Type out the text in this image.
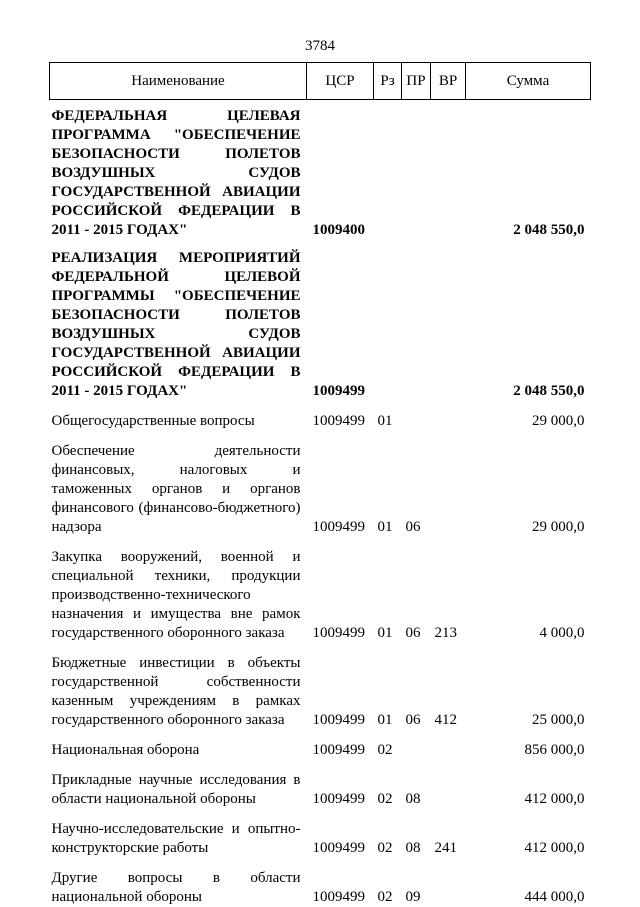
3784
Наименование	ЦСР	Рз	ПР	ВР	Сумма

ФЕДЕРАЛЬНАЯ ЦЕЛЕВАЯ ПРОГРАММА "ОБЕСПЕЧЕНИЕ БЕЗОПАСНОСТИ ПОЛЕТОВ ВОЗДУШНЫХ СУДОВ ГОСУДАРСТВЕННОЙ АВИАЦИИ РОССИЙСКОЙ ФЕДЕРАЦИИ В 2011 - 2015 ГОДАХ"	1009400				2 048 550,0

РЕАЛИЗАЦИЯ МЕРОПРИЯТИЙ ФЕДЕРАЛЬНОЙ ЦЕЛЕВОЙ ПРОГРАММЫ "ОБЕСПЕЧЕНИЕ БЕЗОПАСНОСТИ ПОЛЕТОВ ВОЗДУШНЫХ СУДОВ ГОСУДАРСТВЕННОЙ АВИАЦИИ РОССИЙСКОЙ ФЕДЕРАЦИИ В 2011 - 2015 ГОДАХ"	1009499				2 048 550,0

Общегосударственные вопросы	1009499	01			29 000,0

Обеспечение деятельности финансовых, налоговых и таможенных органов и органов финансового (финансово-бюджетного) надзора	1009499	01	06		29 000,0

Закупка вооружений, военной и специальной техники, продукции производственно-технического назначения и имущества вне рамок государственного оборонного заказа	1009499	01	06	213	4 000,0

Бюджетные инвестиции в объекты государственной собственности казенным учреждениям в рамках государственного оборонного заказа	1009499	01	06	412	25 000,0

Национальная оборона	1009499	02			856 000,0

Прикладные научные исследования в области национальной обороны	1009499	02	08		412 000,0

Научно-исследовательские и опытно-конструкторские работы	1009499	02	08	241	412 000,0

Другие вопросы в области национальной обороны	1009499	02	09		444 000,0
